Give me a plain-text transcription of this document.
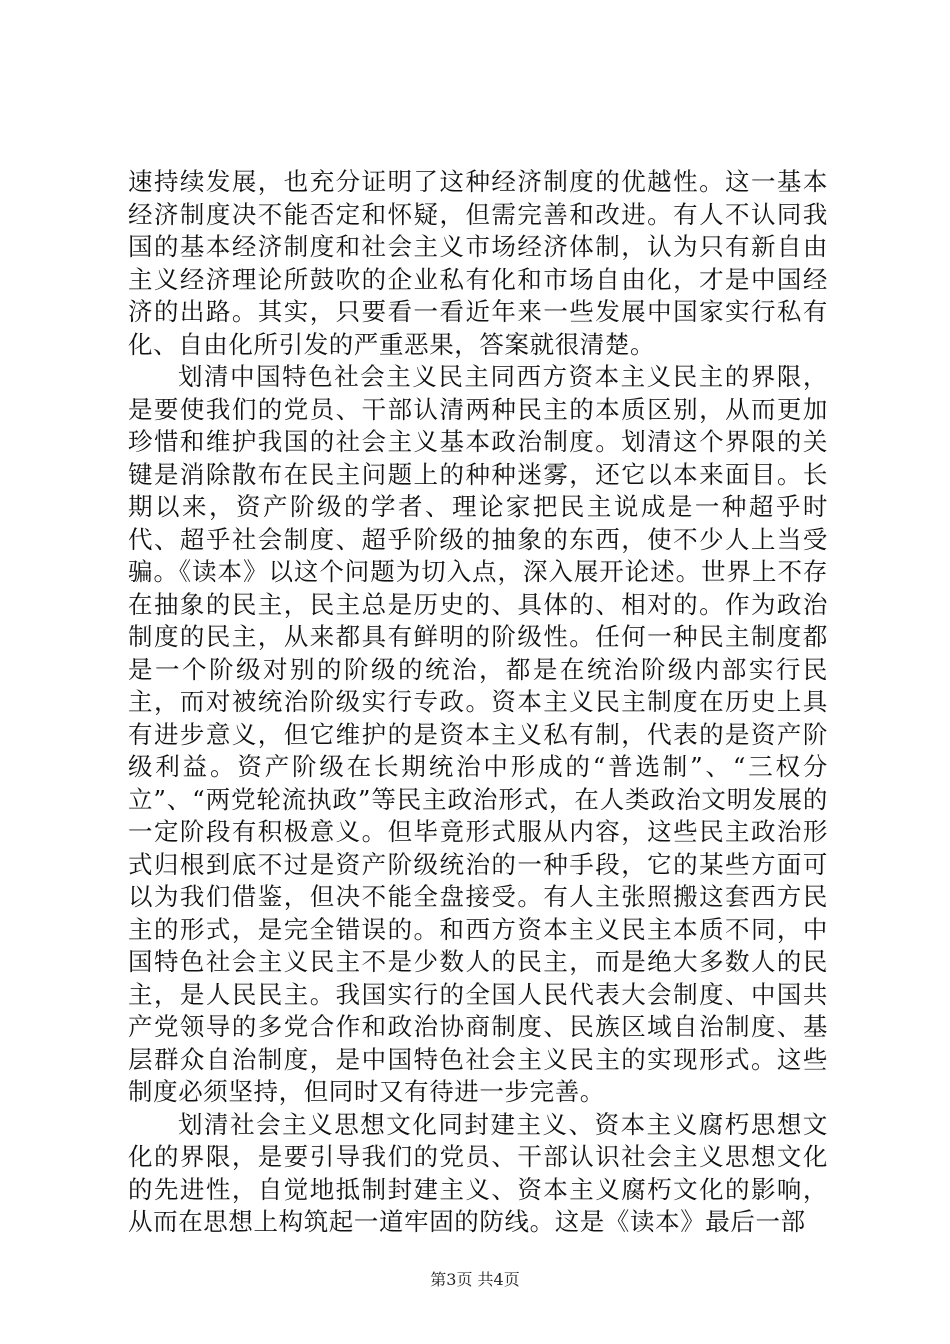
速持续发展，也充分证明了这种经济制度的优越性。这一基本经济制度决不能否定和怀疑，但需完善和改进。有人不认同我国的基本经济制度和社会主义市场经济体制，认为只有新自由主义经济理论所鼓吹的企业私有化和市场自由化，才是中国经济的出路。其实，只要看一看近年来一些发展中国家实行私有化、自由化所引发的严重恶果，答案就很清楚。

划清中国特色社会主义民主同西方资本主义民主的界限，是要使我们的党员、干部认清两种民主的本质区别，从而更加珍惜和维护我国的社会主义基本政治制度。划清这个界限的关键是消除散布在民主问题上的种种迷雾，还它以本来面目。长期以来，资产阶级的学者、理论家把民主说成是一种超乎时代、超乎社会制度、超乎阶级的抽象的东西，使不少人上当受骗。《读本》以这个问题为切入点，深入展开论述。世界上不存在抽象的民主，民主总是历史的、具体的、相对的。作为政治制度的民主，从来都具有鲜明的阶级性。任何一种民主制度都是一个阶级对别的阶级的统治，都是在统治阶级内部实行民主，而对被统治阶级实行专政。资本主义民主制度在历史上具有进步意义，但它维护的是资本主义私有制，代表的是资产阶级利益。资产阶级在长期统治中形成的“普选制”、“三权分立”、“两党轮流执政”等民主政治形式，在人类政治文明发展的一定阶段有积极意义。但毕竟形式服从内容，这些民主政治形式归根到底不过是资产阶级统治的一种手段，它的某些方面可以为我们借鉴，但决不能全盘接受。有人主张照搬这套西方民主的形式，是完全错误的。和西方资本主义民主本质不同，中国特色社会主义民主不是少数人的民主，而是绝大多数人的民主，是人民民主。我国实行的全国人民代表大会制度、中国共产党领导的多党合作和政治协商制度、民族区域自治制度、基层群众自治制度，是中国特色社会主义民主的实现形式。这些制度必须坚持，但同时又有待进一步完善。

划清社会主义思想文化同封建主义、资本主义腐朽思想文化的界限，是要引导我们的党员、干部认识社会主义思想文化的先进性，自觉地抵制封建主义、资本主义腐朽文化的影响，从而在思想上构筑起一道牢固的防线。这是《读本》最后一部

第3页 共4页
